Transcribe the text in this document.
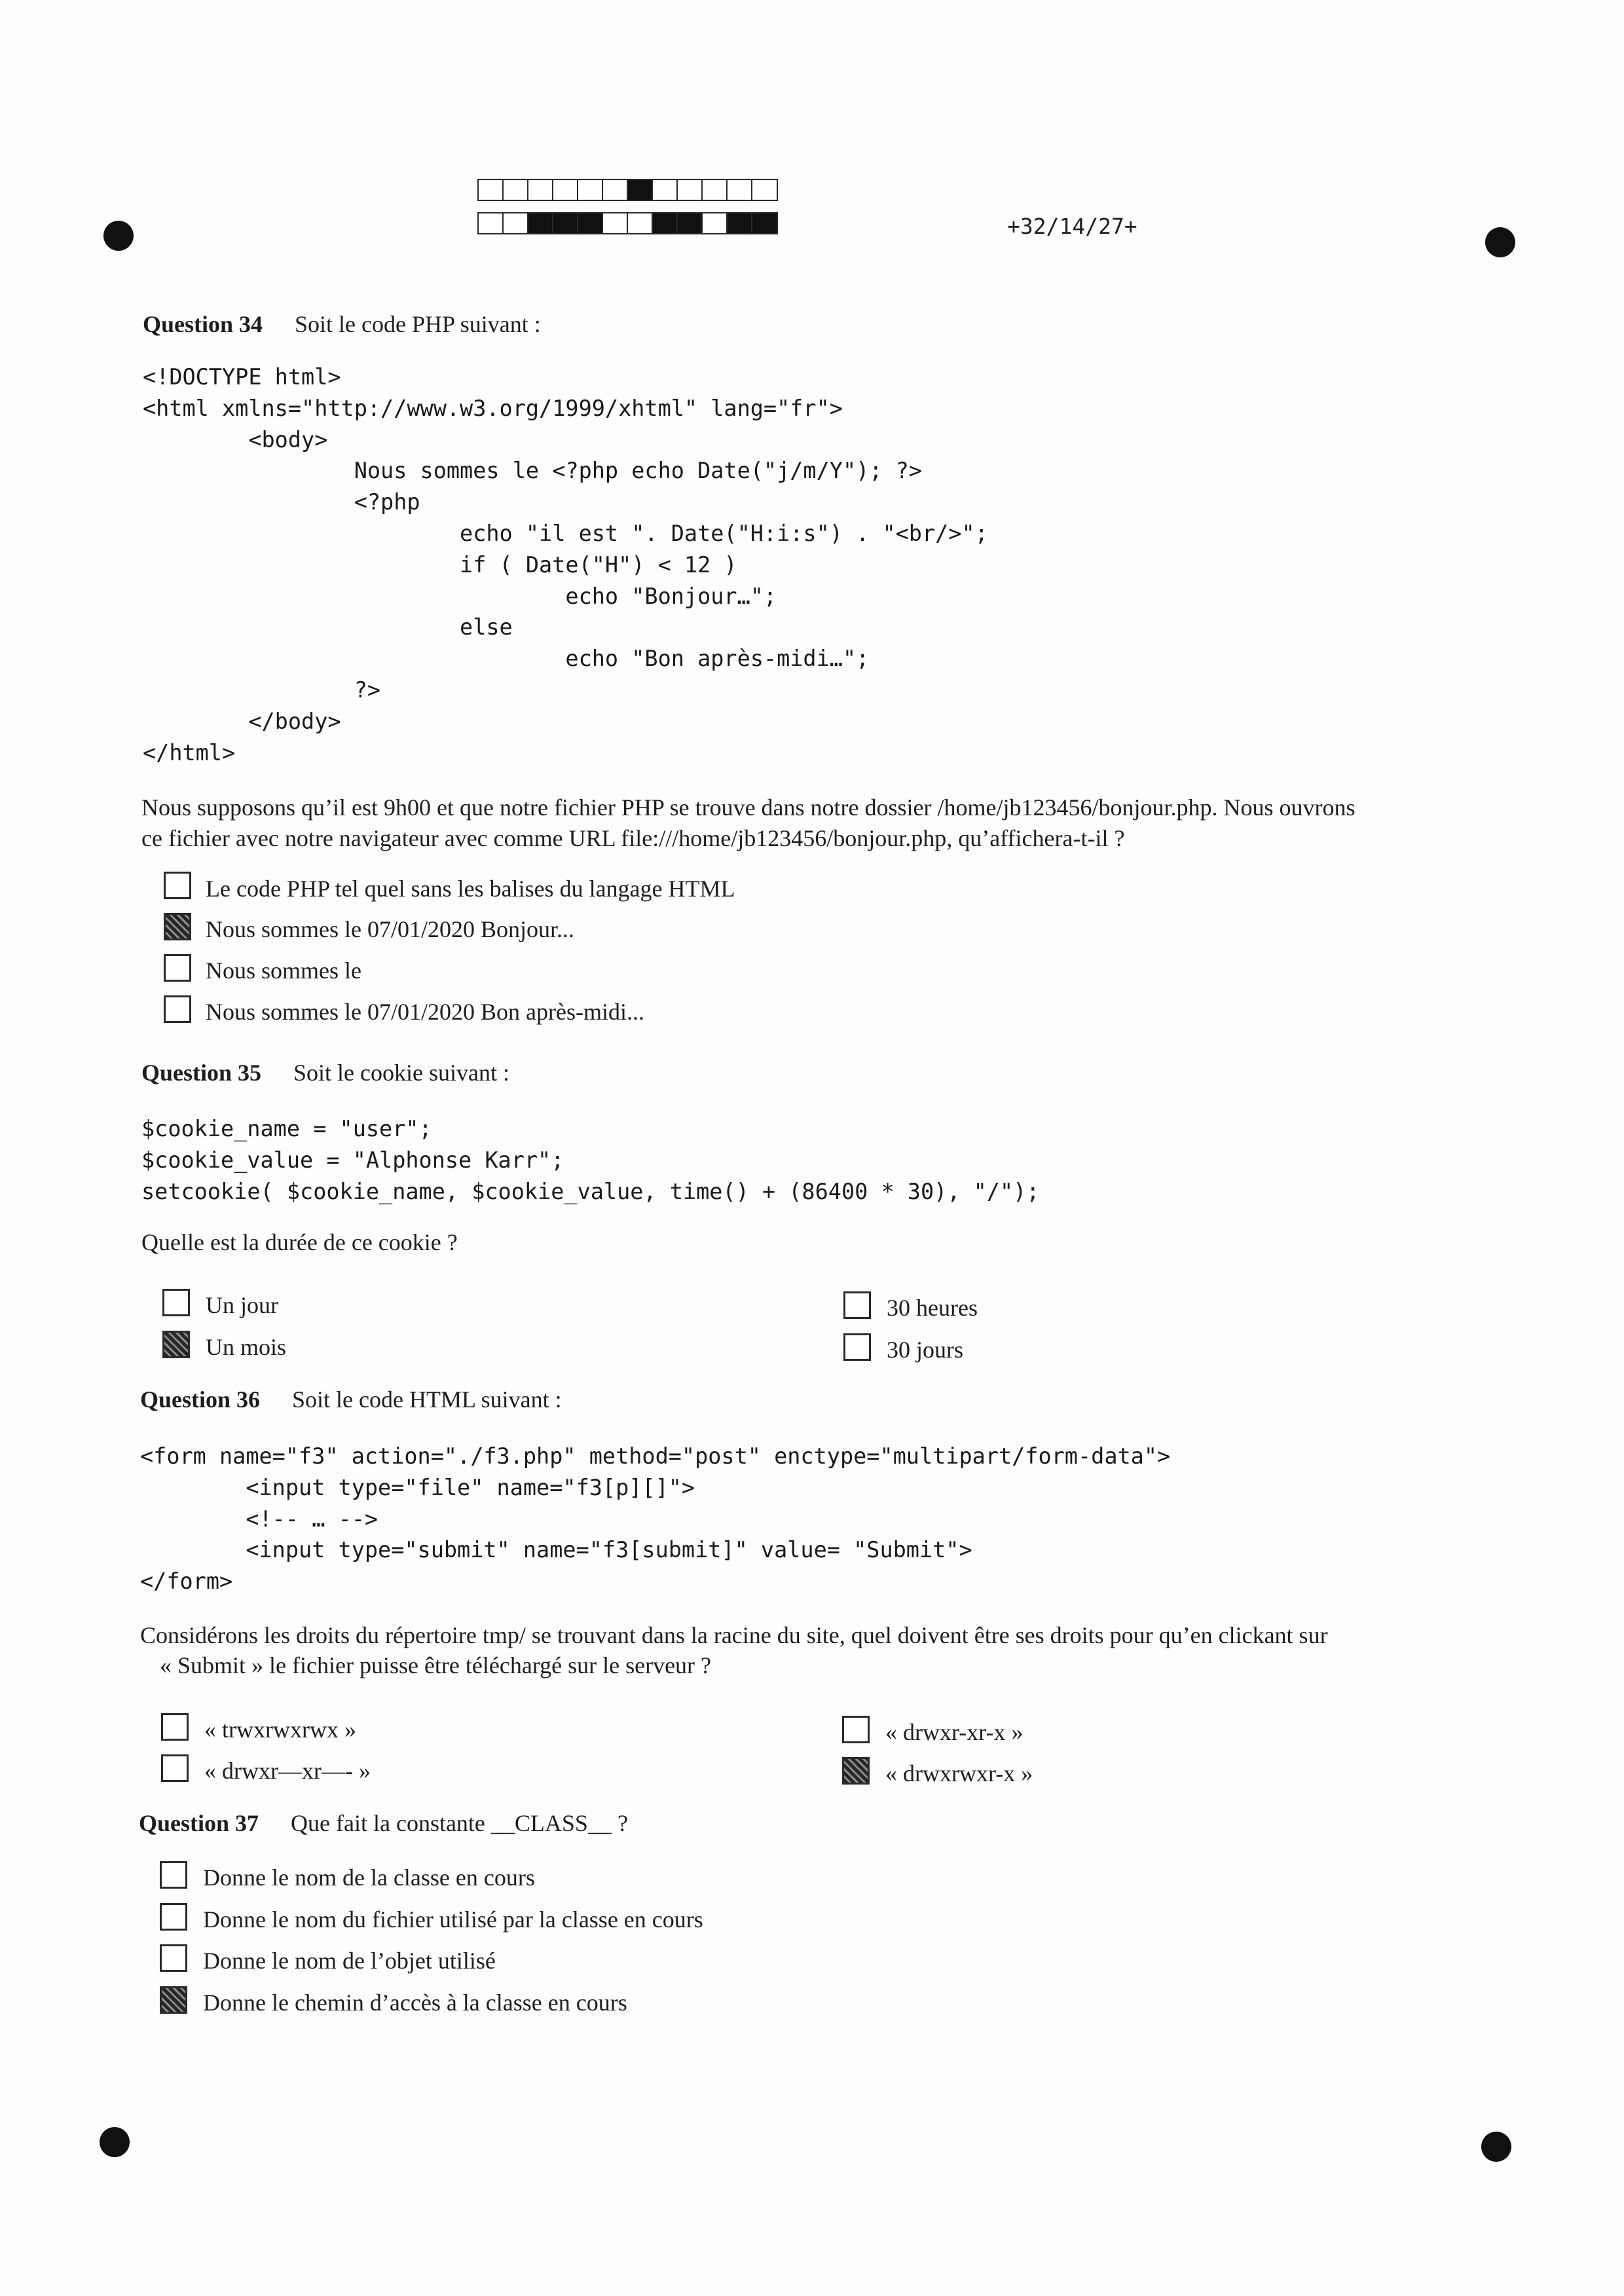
+32/14/27+
Question 34 Soit le code PHP suivant :
<!DOCTYPE html>
<html xmlns="http://www.w3.org/1999/xhtml" lang="fr">
<body>
Nous sommes le <?php echo Date("j/m/Y"); ?>
<?php
echo "il est ". Date("H:i:s") . "<br/>";
if ( Date("H") < 12 )
echo "Bonjour…";
else
echo "Bon après-midi…";
?>
</body>
</html>
Nous supposons qu’il est 9h00 et que notre fichier PHP se trouve dans notre dossier /home/jb123456/bonjour.php. Nous ouvrons
ce fichier avec notre navigateur avec comme URL file:///home/jb123456/bonjour.php, qu’affichera-t-il ?
Le code PHP tel quel sans les balises du langage HTML
Nous sommes le 07/01/2020 Bonjour...
Nous sommes le
Nous sommes le 07/01/2020 Bon après-midi...
Question 35 Soit le cookie suivant :
$cookie_name = "user";
$cookie_value = "Alphonse Karr";
setcookie( $cookie_name, $cookie_value, time() + (86400 * 30), "/");
Quelle est la durée de ce cookie ?
Un jour
Un mois
30 heures
30 jours
Question 36 Soit le code HTML suivant :
<form name="f3" action="./f3.php" method="post" enctype="multipart/form-data">
<input type="file" name="f3[p][]">
<!-- … -->
<input type="submit" name="f3[submit]" value= "Submit">
</form>
Considérons les droits du répertoire tmp/ se trouvant dans la racine du site, quel doivent être ses droits pour qu’en clickant sur
« Submit » le fichier puisse être téléchargé sur le serveur ?
« trwxrwxrwx »
« drwxr—xr—- »
« drwxr-xr-x »
« drwxrwxr-x »
Question 37 Que fait la constante __CLASS__ ?
Donne le nom de la classe en cours
Donne le nom du fichier utilisé par la classe en cours
Donne le nom de l’objet utilisé
Donne le chemin d’accès à la classe en cours
